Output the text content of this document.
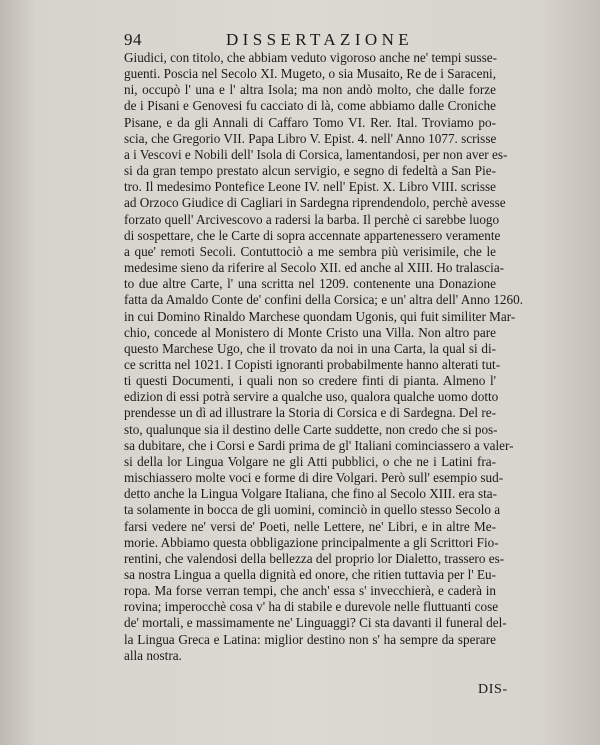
94	DISSERTAZIONE
Giudici, con titolo, che abbiam veduto vigoroso anche ne' tempi susse-
guenti. Poscia nel Secolo XI. Mugeto, o sia Musaito, Re de i Saraceni,
ni, occupò l' una e l' altra Isola; ma non andò molto, che dalle forze
de i Pisani e Genovesi fu cacciato di là, come abbiamo dalle Croniche
Pisane, e da gli Annali di Caffaro Tomo VI. Rer. Ital. Troviamo po-
scia, che Gregorio VII. Papa Libro V. Epist. 4. nell' Anno 1077. scrisse
a i Vescovi e Nobili dell' Isola di Corsica, lamentandosi, per non aver es-
si da gran tempo prestato alcun servigio, e segno di fedeltà a San Pie-
tro. Il medesimo Pontefice Leone IV. nell' Epist. X. Libro VIII. scrisse
ad Orzoco Giudice di Cagliari in Sardegna riprendendolo, perchè avesse
forzato quell' Arcivescovo a radersi la barba. Il perchè ci sarebbe luogo
di sospettare, che le Carte di sopra accennate appartenessero veramente
a que' remoti Secoli. Contuttociò a me sembra più verisimile, che le
medesime sieno da riferire al Secolo XII. ed anche al XIII. Ho tralascia-
to due altre Carte, l' una scritta nel 1209. contenente una Donazione
fatta da Amaldo Conte de' confini della Corsica; e un' altra dell' Anno 1260.
in cui Domino Rinaldo Marchese quondam Ugonis, qui fuit similiter Mar-
chio, concede al Monistero di Monte Cristo una Villa. Non altro pare
questo Marchese Ugo, che il trovato da noi in una Carta, la qual si di-
ce scritta nel 1021. I Copisti ignoranti probabilmente hanno alterati tut-
ti questi Documenti, i quali non so credere finti di pianta. Almeno l'
edizion di essi potrà servire a qualche uso, qualora qualche uomo dotto
prendesse un dì ad illustrare la Storia di Corsica e di Sardegna. Del re-
sto, qualunque sia il destino delle Carte suddette, non credo che si pos-
sa dubitare, che i Corsi e Sardi prima de gl' Italiani cominciassero a valer-
si della lor Lingua Volgare ne gli Atti pubblici, o che ne i Latini fra-
mischiassero molte voci e forme di dire Volgari. Però sull' esempio sud-
detto anche la Lingua Volgare Italiana, che fino al Secolo XIII. era sta-
ta solamente in bocca de gli uomini, cominciò in quello stesso Secolo a
farsi vedere ne' versi de' Poeti, nelle Lettere, ne' Libri, e in altre Me-
morie. Abbiamo questa obbligazione principalmente a gli Scrittori Fio-
rentini, che valendosi della bellezza del proprio lor Dialetto, trassero es-
sa nostra Lingua a quella dignità ed onore, che ritien tuttavia per l' Eu-
ropa. Ma forse verran tempi, che anch' essa s' invecchierà, e caderà in
rovina; imperocchè cosa v' ha di stabile e durevole nelle fluttuanti cose
de' mortali, e massimamente ne' Linguaggi? Ci sta davanti il funeral del-
la Lingua Greca e Latina: miglior destino non s' ha sempre da sperare
alla nostra.
DIS-
